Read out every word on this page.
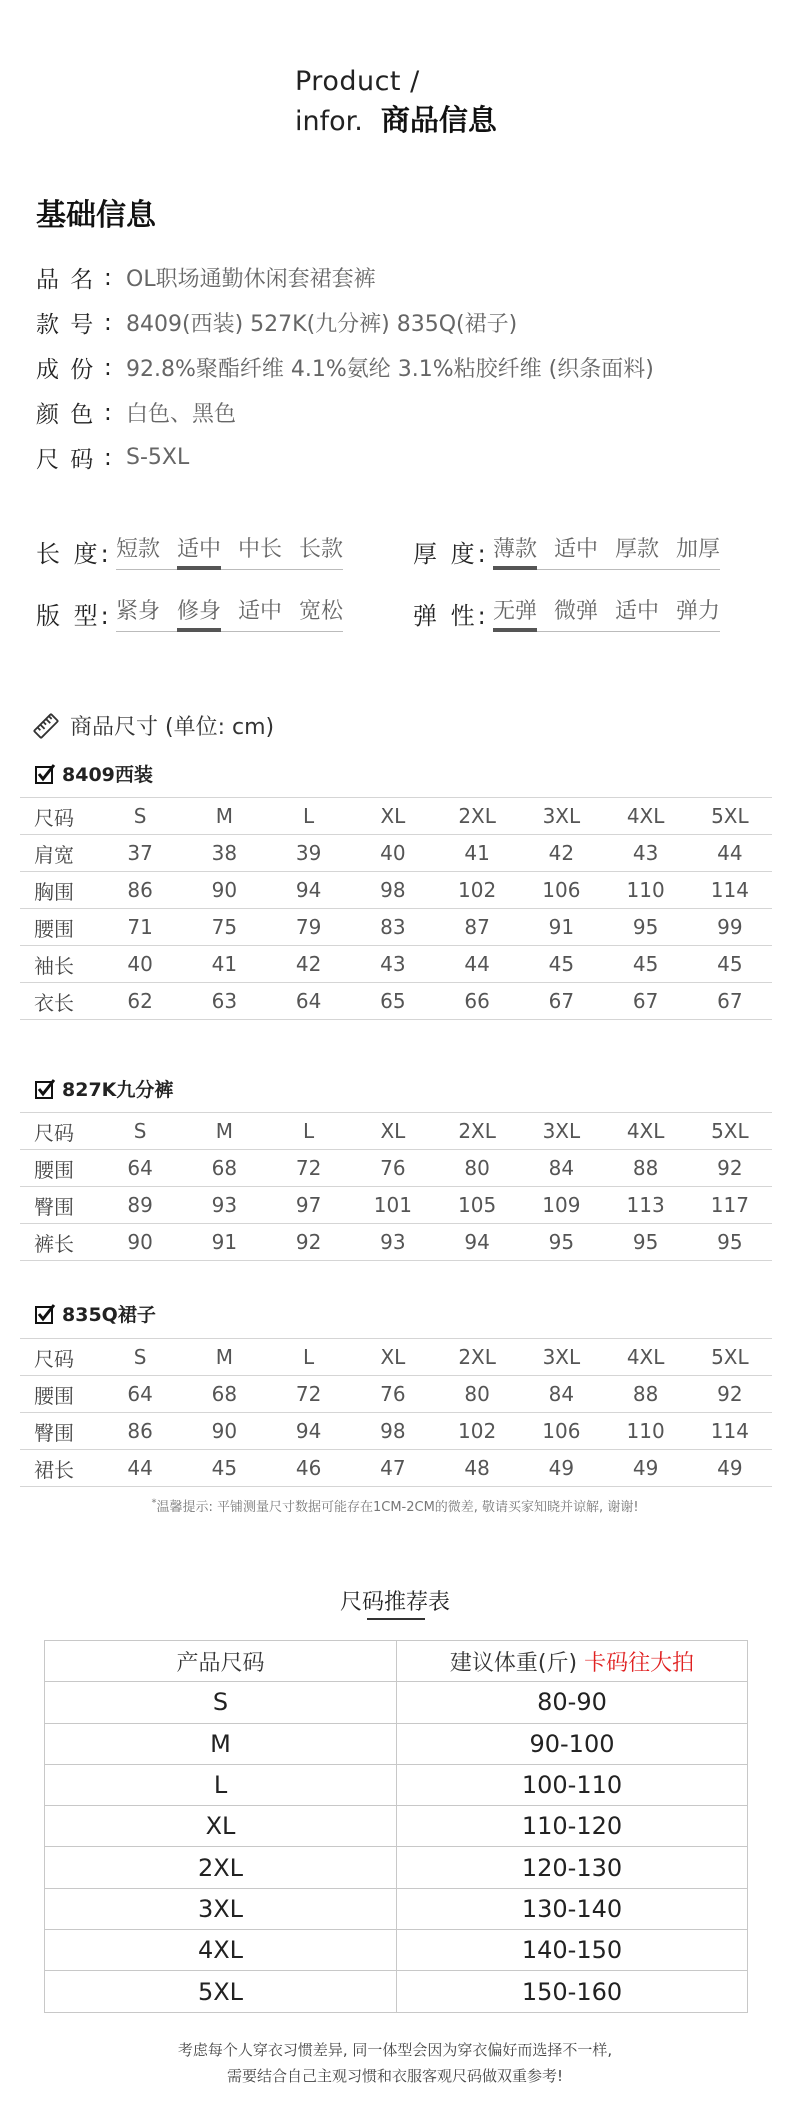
Product /
infor. 商品信息
基础信息
品 名 : OL职场通勤休闲套裙套裤
款 号 : 8409(西装) 527K(九分裤) 835Q(裙子)
成 份 : 92.8%聚酯纤维 4.1%氨纶 3.1%粘胶纤维 (织条面料)
颜 色 : 白色、黑色
尺 码 : S-5XL
长 度: 短款 适中 中长 长款	厚 度: 薄款 适中 厚款 加厚
版 型: 紧身 修身 适中 宽松	弹 性: 无弹 微弹 适中 弹力
商品尺寸 (单位: cm)
8409西装
尺码	S	M	L	XL	2XL	3XL	4XL	5XL
肩宽	37	38	39	40	41	42	43	44
胸围	86	90	94	98	102	106	110	114
腰围	71	75	79	83	87	91	95	99
袖长	40	41	42	43	44	45	45	45
衣长	62	63	64	65	66	67	67	67
827K九分裤
尺码	S	M	L	XL	2XL	3XL	4XL	5XL
腰围	64	68	72	76	80	84	88	92
臀围	89	93	97	101	105	109	113	117
裤长	90	91	92	93	94	95	95	95
835Q裙子
尺码	S	M	L	XL	2XL	3XL	4XL	5XL
腰围	64	68	72	76	80	84	88	92
臀围	86	90	94	98	102	106	110	114
裙长	44	45	46	47	48	49	49	49
*温馨提示: 平铺测量尺寸数据可能存在1CM-2CM的微差, 敬请买家知晓并谅解, 谢谢!
尺码推荐表
产品尺码	建议体重(斤) 卡码往大拍
S	80-90
M	90-100
L	100-110
XL	110-120
2XL	120-130
3XL	130-140
4XL	140-150
5XL	150-160
考虑每个人穿衣习惯差异, 同一体型会因为穿衣偏好而选择不一样,
需要结合自己主观习惯和衣服客观尺码做双重参考!
